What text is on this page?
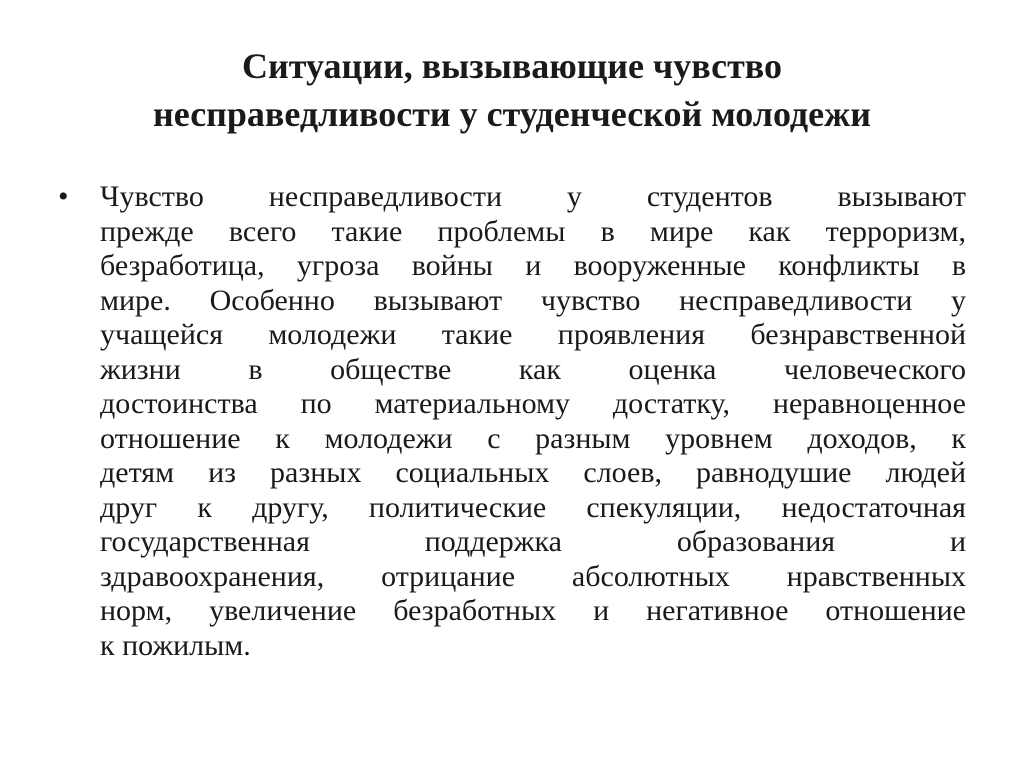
Ситуации, вызывающие чувство
несправедливости у студенческой молодежи
• Чувство несправедливости у студентов вызывают
прежде всего такие проблемы в мире как терроризм,
безработица, угроза войны и вооруженные конфликты в
мире. Особенно вызывают чувство несправедливости у
учащейся молодежи такие проявления безнравственной
жизни в обществе как оценка человеческого
достоинства по материальному достатку, неравноценное
отношение к молодежи с разным уровнем доходов, к
детям из разных социальных слоев, равнодушие людей
друг к другу, политические спекуляции, недостаточная
государственная поддержка образования и
здравоохранения, отрицание абсолютных нравственных
норм, увеличение безработных и негативное отношение
к пожилым.
